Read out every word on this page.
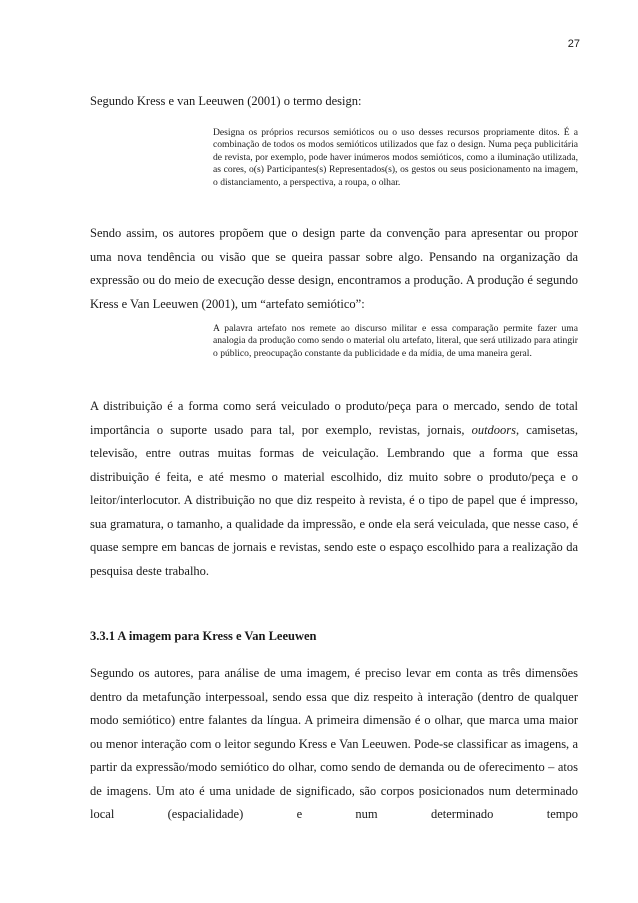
27
Segundo Kress e van Leeuwen (2001) o termo design:
Designa os próprios recursos semióticos ou o uso desses recursos propriamente ditos. É a combinação de todos os modos semióticos utilizados que faz o design. Numa peça publicitária de revista, por exemplo, pode haver inúmeros modos semióticos, como a iluminação utilizada, as cores, o(s) Participantes(s) Representados(s), os gestos ou seus posicionamento na imagem, o distanciamento, a perspectiva, a roupa, o olhar.

Sendo assim, os autores propõem que o design parte da convenção para apresentar ou propor uma nova tendência ou visão que se queira passar sobre algo. Pensando na organização da expressão ou do meio de execução desse design, encontramos a produção. A produção é segundo Kress e Van Leeuwen (2001), um “artefato semiótico”:

A palavra artefato nos remete ao discurso militar e essa comparação permite fazer uma analogia da produção como sendo o material olu artefato, literal, que será utilizado para atingir o público, preocupação constante da publicidade e da mídia, de uma maneira geral.

A distribuição é a forma como será veiculado o produto/peça para o mercado, sendo de total importância o suporte usado para tal, por exemplo, revistas, jornais, outdoors, camisetas, televisão, entre outras muitas formas de veiculação. Lembrando que a forma que essa distribuição é feita, e até mesmo o material escolhido, diz muito sobre o produto/peça e o leitor/interlocutor. A distribuição no que diz respeito à revista, é o tipo de papel que é impresso, sua gramatura, o tamanho, a qualidade da impressão, e onde ela será veiculada, que nesse caso, é quase sempre em bancas de jornais e revistas, sendo este o espaço escolhido para a realização da pesquisa deste trabalho.

3.3.1 A imagem para Kress e Van Leeuwen

Segundo os autores, para análise de uma imagem, é preciso levar em conta as três dimensões dentro da metafunção interpessoal, sendo essa que diz respeito à interação (dentro de qualquer modo semiótico) entre falantes da língua. A primeira dimensão é o olhar, que marca uma maior ou menor interação com o leitor segundo Kress e Van Leeuwen. Pode-se classificar as imagens, a partir da expressão/modo semiótico do olhar, como sendo de demanda ou de oferecimento – atos de imagens. Um ato é uma unidade de significado, são corpos posicionados num determinado local (espacialidade) e num determinado tempo
